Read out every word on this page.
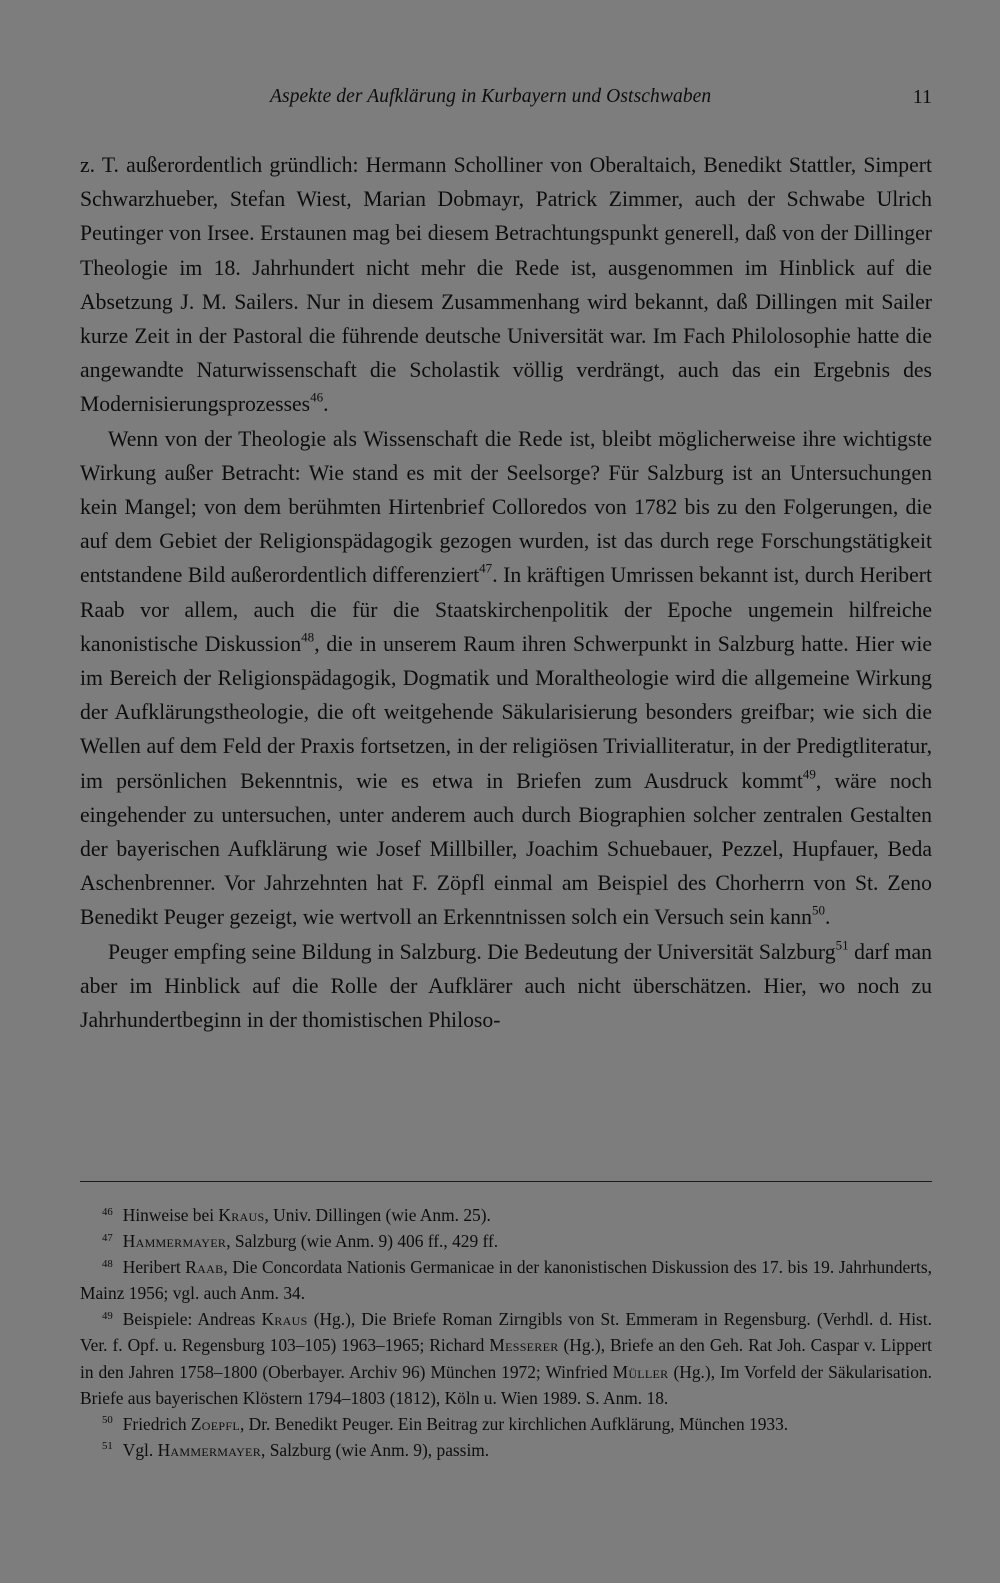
Aspekte der Aufklärung in Kurbayern und Ostschwaben	11

z. T. außerordentlich gründlich: Hermann Scholliner von Oberaltaich, Benedikt Stattler, Simpert Schwarzhueber, Stefan Wiest, Marian Dobmayr, Patrick Zimmer, auch der Schwabe Ulrich Peutinger von Irsee. Erstaunen mag bei diesem Betrachtungspunkt generell, daß von der Dillinger Theologie im 18. Jahrhundert nicht mehr die Rede ist, ausgenommen im Hinblick auf die Absetzung J. M. Sailers. Nur in diesem Zusammenhang wird bekannt, daß Dillingen mit Sailer kurze Zeit in der Pastoral die führende deutsche Universität war. Im Fach Philolosophie hatte die angewandte Naturwissenschaft die Scholastik völlig verdrängt, auch das ein Ergebnis des Modernisierungsprozesses$^{46}$.

Wenn von der Theologie als Wissenschaft die Rede ist, bleibt möglicherweise ihre wichtigste Wirkung außer Betracht: Wie stand es mit der Seelsorge? Für Salzburg ist an Untersuchungen kein Mangel; von dem berühmten Hirtenbrief Colloredos von 1782 bis zu den Folgerungen, die auf dem Gebiet der Religionspädagogik gezogen wurden, ist das durch rege Forschungstätigkeit entstandene Bild außerordentlich differenziert$^{47}$. In kräftigen Umrissen bekannt ist, durch Heribert Raab vor allem, auch die für die Staatskirchenpolitik der Epoche ungemein hilfreiche kanonistische Diskussion$^{48}$, die in unserem Raum ihren Schwerpunkt in Salzburg hatte. Hier wie im Bereich der Religionspädagogik, Dogmatik und Moraltheologie wird die allgemeine Wirkung der Aufklärungstheologie, die oft weitgehende Säkularisierung besonders greifbar; wie sich die Wellen auf dem Feld der Praxis fortsetzen, in der religiösen Trivialliteratur, in der Predigtliteratur, im persönlichen Bekenntnis, wie es etwa in Briefen zum Ausdruck kommt$^{49}$, wäre noch eingehender zu untersuchen, unter anderem auch durch Biographien solcher zentralen Gestalten der bayerischen Aufklärung wie Josef Millbiller, Joachim Schuebauer, Pezzel, Hupfauer, Beda Aschenbrenner. Vor Jahrzehnten hat F. Zöpfl einmal am Beispiel des Chorherrn von St. Zeno Benedikt Peuger gezeigt, wie wertvoll an Erkenntnissen solch ein Versuch sein kann$^{50}$.

Peuger empfing seine Bildung in Salzburg. Die Bedeutung der Universität Salzburg$^{51}$ darf man aber im Hinblick auf die Rolle der Aufklärer auch nicht überschätzen. Hier, wo noch zu Jahrhundertbeginn in der thomistischen Philoso-

$^{46}$ Hinweise bei Kraus, Univ. Dillingen (wie Anm. 25).

$^{47}$ Hammermayer, Salzburg (wie Anm. 9) 406 ff., 429 ff.

$^{48}$ Heribert Raab, Die Concordata Nationis Germanicae in der kanonistischen Diskussion des 17. bis 19. Jahrhunderts, Mainz 1956; vgl. auch Anm. 34.

$^{49}$ Beispiele: Andreas Kraus (Hg.), Die Briefe Roman Zirngibls von St. Emmeram in Regensburg. (Verhdl. d. Hist. Ver. f. Opf. u. Regensburg 103–105) 1963–1965; Richard Messerer (Hg.), Briefe an den Geh. Rat Joh. Caspar v. Lippert in den Jahren 1758–1800 (Oberbayer. Archiv 96) München 1972; Winfried Müller (Hg.), Im Vorfeld der Säkularisation. Briefe aus bayerischen Klöstern 1794–1803 (1812), Köln u. Wien 1989. S. Anm. 18.

$^{50}$ Friedrich Zoepfl, Dr. Benedikt Peuger. Ein Beitrag zur kirchlichen Aufklärung, München 1933.

$^{51}$ Vgl. Hammermayer, Salzburg (wie Anm. 9), passim.
